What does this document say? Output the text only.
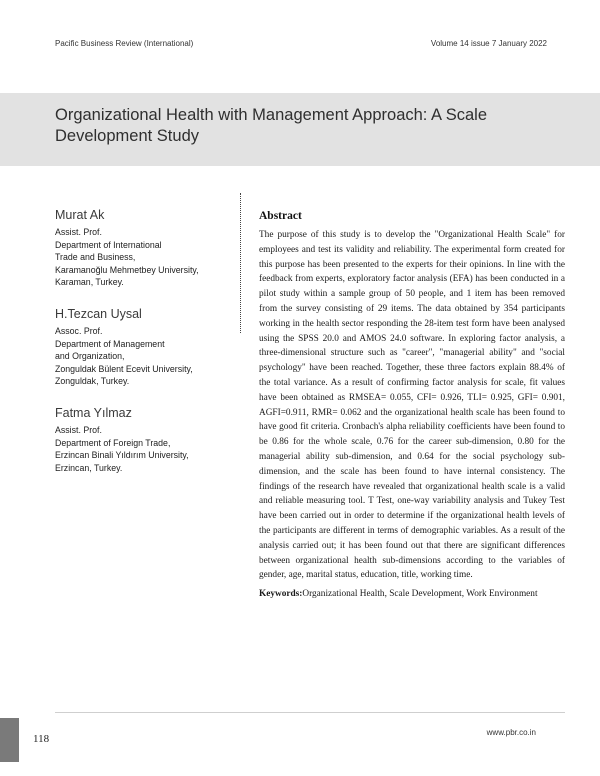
Pacific Business Review (International)	Volume 14 issue 7 January 2022
Organizational Health with Management Approach: A Scale Development Study

Murat Ak

Assist. Prof.

Department of International

Trade and Business,

Karamanoğlu Mehmetbey University,

Karaman, Turkey.

H.Tezcan Uysal

Assoc. Prof.

Department of Management

and Organization,

Zonguldak Bülent Ecevit University,

Zonguldak, Turkey.

Fatma Yılmaz

Assist. Prof.

Department of Foreign Trade,

Erzincan Binali Yıldırım University,

Erzincan, Turkey.

Abstract

The purpose of this study is to develop the "Organizational Health Scale" for employees and test its validity and reliability. The experimental form created for this purpose has been presented to the experts for their opinions. In line with the feedback from experts, exploratory factor analysis (EFA) has been conducted in a pilot study within a sample group of 50 people, and 1 item has been removed from the survey consisting of 29 items. The data obtained by 354 participants working in the health sector responding the 28-item test form have been analysed using the SPSS 20.0 and AMOS 24.0 software. In exploring factor analysis, a three-dimensional structure such as "career", "managerial ability" and "social psychology" have been reached. Together, these three factors explain 88.4% of the total variance. As a result of confirming factor analysis for scale, fit values have been obtained as RMSEA= 0.055, CFI= 0.926, TLI= 0.925, GFI= 0.901, AGFI=0.911, RMR= 0.062 and the organizational health scale has been found to have good fit criteria. Cronbach's alpha reliability coefficients have been found to be 0.86 for the whole scale, 0.76 for the career sub-dimension, 0.80 for the managerial ability sub-dimension, and 0.64 for the social psychology sub-dimension, and the scale has been found to have internal consistency. The findings of the research have revealed that organizational health scale is a valid and reliable measuring tool. T Test, one-way variability analysis and Tukey Test have been carried out in order to determine if the organizational health levels of the participants are different in terms of demographic variables. As a result of the analysis carried out; it has been found out that there are significant differences between organizational health sub-dimensions according to the variables of gender, age, marital status, education, title, working time.

Keywords:Organizational Health, Scale Development, Work Environment

118
www.pbr.co.in
